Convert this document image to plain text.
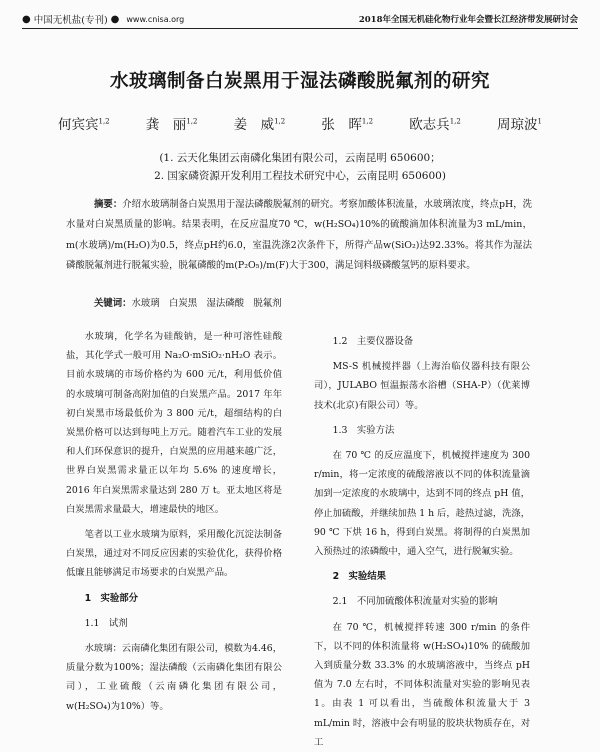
● 中国无机盐(专刊) ● www.cnisa.org	2018年全国无机硅化物行业年会暨长江经济带发展研讨会
水玻璃制备白炭黑用于湿法磷酸脱氟剂的研究
何宾宾$^{1,2}$	龚　丽$^{1,2}$	姜　威$^{1,2}$	张　晖$^{1,2}$	欧志兵$^{1,2}$	周琼波$^1$
(1. 云天化集团云南磷化集团有限公司，云南昆明 650600；
2. 国家磷资源开发利用工程技术研究中心，云南昆明 650600)
摘要：介绍水玻璃制备白炭黑用于湿法磷酸脱氟剂的研究。考察加酸体积流量，水玻璃浓度，终点pH，洗水量对白炭黑质量的影响。结果表明，在反应温度70 ℃，w(H₂SO₄)10%的硫酸滴加体积流量为3 mL/min，m(水玻璃)/m(H₂O)为0.5，终点pH约6.0，室温洗涤2次条件下，所得产品w(SiO₂)达92.33%。将其作为湿法磷酸脱氟剂进行脱氟实验，脱氟磷酸的m(P₂O₅)/m(F)大于300，满足饲料级磷酸氢钙的原料要求。
关键词：水玻璃　白炭黑　湿法磷酸　脱氟剂

水玻璃，化学名为硅酸钠，是一种可溶性硅酸盐，其化学式一般可用 Na₂O·mSiO₂·nH₂O 表示。目前水玻璃的市场价格约为 600 元/t，利用低价值的水玻璃可制备高附加值的白炭黑产品。2017 年年初白炭黑市场最低价为 3 800 元/t，超细结构的白炭黑价格可以达到每吨上万元。随着汽车工业的发展和人们环保意识的提升，白炭黑的应用越来越广泛，世界白炭黑需求量正以年均 5.6% 的速度增长，2016 年白炭黑需求量达到 280 万 t。亚太地区将是白炭黑需求量最大，增速最快的地区。

笔者以工业水玻璃为原料，采用酸化沉淀法制备白炭黑，通过对不同反应因素的实验优化，获得价格低廉且能够满足市场要求的白炭黑产品。

1　实验部分
1.1　试剂

水玻璃：云南磷化集团有限公司，模数为4.46，质量分数为100%；湿法磷酸（云南磷化集团有限公司），工业硫酸（云南磷化集团有限公司，w(H₂SO₄)为10%）等。

1.2　主要仪器设备

MS-S 机械搅拌器（上海治临仪器科技有限公司），JULABO 恒温振荡水浴槽（SHA-P）（优莱博技术(北京)有限公司）等。

1.3　实验方法

在 70 ℃ 的反应温度下，机械搅拌速度为 300 r/min，将一定浓度的硫酸溶液以不同的体积流量滴加到一定浓度的水玻璃中，达到不同的终点 pH 值，停止加硫酸，并继续加热 1 h 后，趁热过滤，洗涤，90 ℃ 下烘 16 h，得到白炭黑。将制得的白炭黑加入预热过的浓磷酸中，通入空气，进行脱氟实验。

2　实验结果
2.1　不同加硫酸体积流量对实验的影响

在 70 ℃，机械搅拌转速 300 r/min 的条件下，以不同的体积流量将 w(H₂SO₄)10% 的硫酸加入到质量分数 33.3% 的水玻璃溶液中，当终点 pH 值为 7.0 左右时，不同体积流量对实验的影响见表 1。由表 1 可以看出，当硫酸体积流量大于 3 mL/min 时，溶液中会有明显的胶块状物质存在，对工
